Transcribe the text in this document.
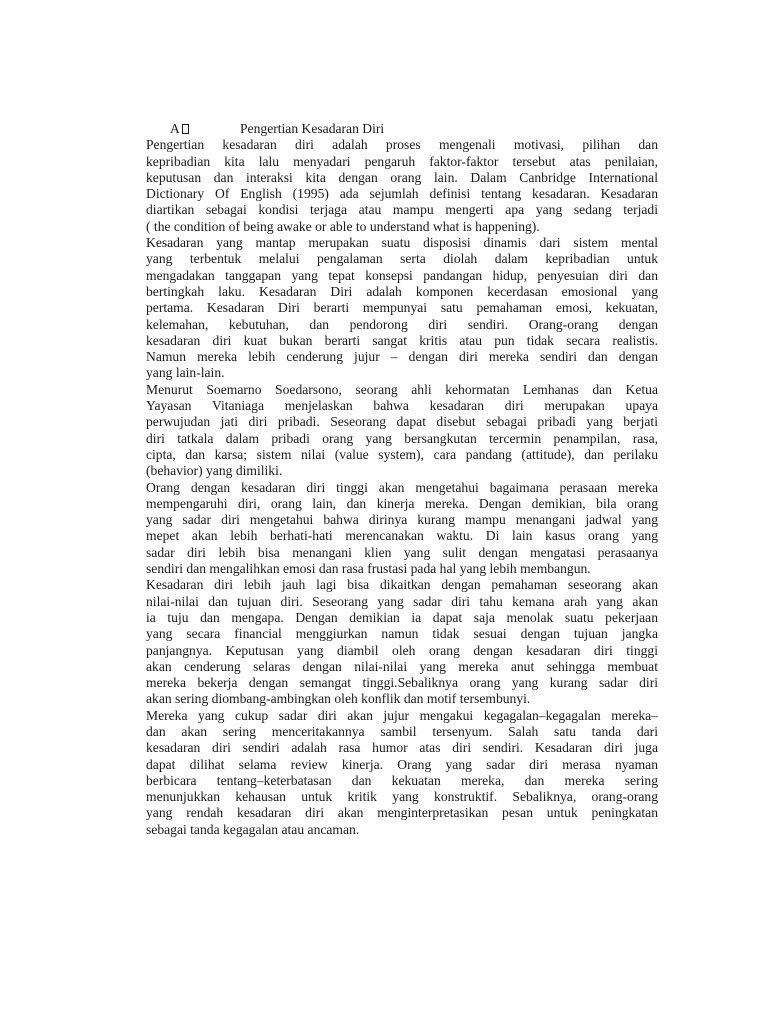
A	Pengertian Kesadaran Diri
Pengertian kesadaran diri adalah proses mengenali motivasi, pilihan dan
kepribadian kita lalu menyadari pengaruh faktor-faktor tersebut atas penilaian,
keputusan dan interaksi kita dengan orang lain. Dalam Canbridge International
Dictionary Of English (1995) ada sejumlah definisi tentang kesadaran. Kesadaran
diartikan sebagai kondisi terjaga atau mampu mengerti apa yang sedang terjadi
( the condition of being awake or able to understand what is happening).
Kesadaran yang mantap merupakan suatu disposisi dinamis dari sistem mental
yang terbentuk melalui pengalaman serta diolah dalam kepribadian untuk
mengadakan tanggapan yang tepat konsepsi pandangan hidup, penyesuian diri dan
bertingkah laku. Kesadaran Diri adalah komponen kecerdasan emosional yang
pertama. Kesadaran Diri berarti mempunyai satu pemahaman emosi, kekuatan,
kelemahan, kebutuhan, dan pendorong diri sendiri. Orang-orang dengan
kesadaran diri kuat bukan berarti sangat kritis atau pun tidak secara realistis.
Namun mereka lebih cenderung jujur – dengan diri mereka sendiri dan dengan
yang lain-lain.
Menurut Soemarno Soedarsono, seorang ahli kehormatan Lemhanas dan Ketua
Yayasan Vitaniaga menjelaskan bahwa kesadaran diri merupakan upaya
perwujudan jati diri pribadi. Seseorang dapat disebut sebagai pribadi yang berjati
diri tatkala dalam pribadi orang yang bersangkutan tercermin penampilan, rasa,
cipta, dan karsa; sistem nilai (value system), cara pandang (attitude), dan perilaku
(behavior) yang dimiliki.
Orang dengan kesadaran diri tinggi akan mengetahui bagaimana perasaan mereka
mempengaruhi diri, orang lain, dan kinerja mereka. Dengan demikian, bila orang
yang sadar diri mengetahui bahwa dirinya kurang mampu menangani jadwal yang
mepet akan lebih berhati-hati merencanakan waktu. Di lain kasus orang yang
sadar diri lebih bisa menangani klien yang sulit dengan mengatasi perasaanya
sendiri dan mengalihkan emosi dan rasa frustasi pada hal yang lebih membangun.
Kesadaran diri lebih jauh lagi bisa dikaitkan dengan pemahaman seseorang akan
nilai-nilai dan tujuan diri. Seseorang yang sadar diri tahu kemana arah yang akan
ia tuju dan mengapa. Dengan demikian ia dapat saja menolak suatu pekerjaan
yang secara financial menggiurkan namun tidak sesuai dengan tujuan jangka
panjangnya. Keputusan yang diambil oleh orang dengan kesadaran diri tinggi
akan cenderung selaras dengan nilai-nilai yang mereka anut sehingga membuat
mereka bekerja dengan semangat tinggi.Sebaliknya orang yang kurang sadar diri
akan sering diombang-ambingkan oleh konflik dan motif tersembunyi.
Mereka yang cukup sadar diri akan jujur mengakui kegagalan–kegagalan mereka–
dan akan sering menceritakannya sambil tersenyum. Salah satu tanda dari
kesadaran diri sendiri adalah rasa humor atas diri sendiri. Kesadaran diri juga
dapat dilihat selama review kinerja. Orang yang sadar diri merasa nyaman
berbicara tentang–keterbatasan dan kekuatan mereka, dan mereka sering
menunjukkan kehausan untuk kritik yang konstruktif. Sebaliknya, orang-orang
yang rendah kesadaran diri akan menginterpretasikan pesan untuk peningkatan
sebagai tanda kegagalan atau ancaman.
